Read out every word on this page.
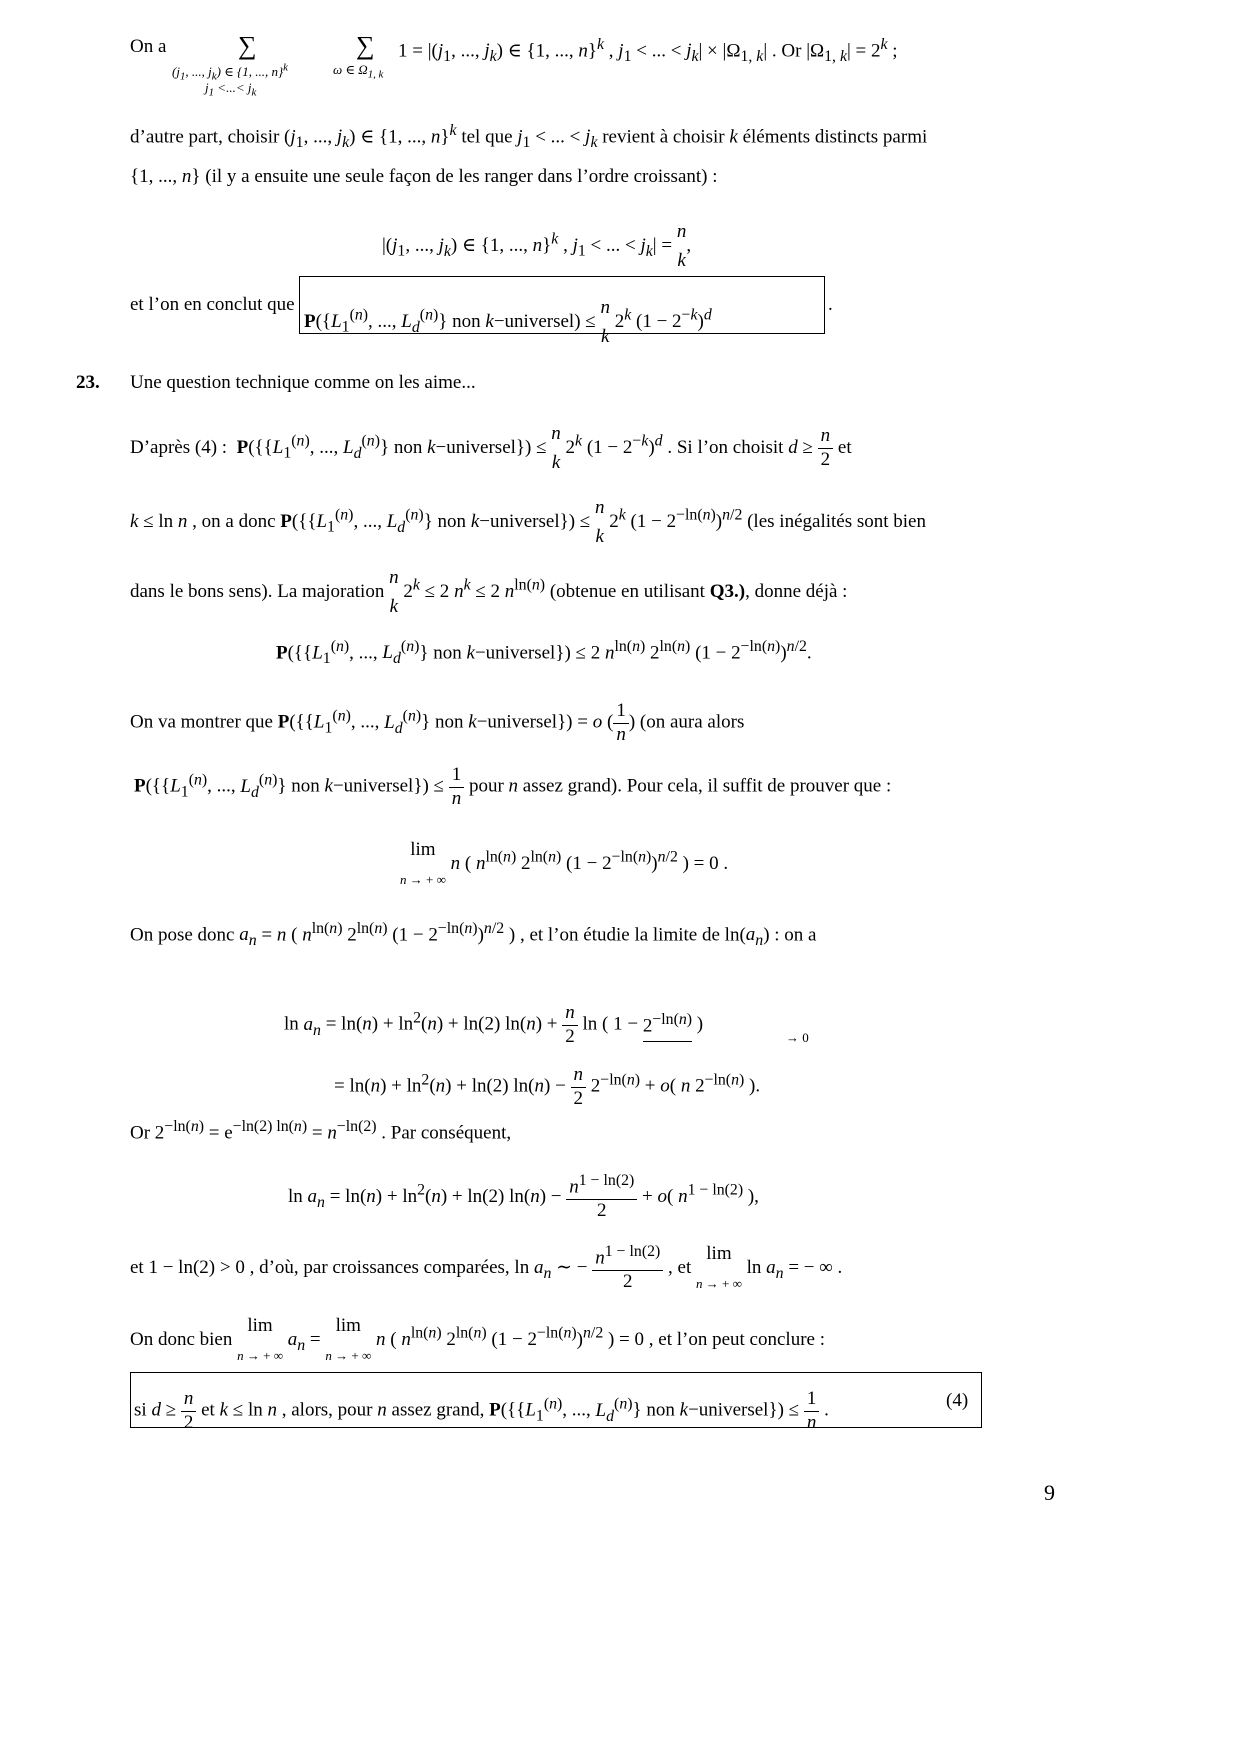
On a	∑
($j_1$, ..., $j_k$) ∈ {1, ..., n}$^k$
$j_1$ <...< $j_k$
∑
ω ∈ $\Omega_{1, k}$
$1 = |(j_1$, ..., $j_k$) ∈ {1, ..., n}$^k$ , $j_1$ < ... < $j_k| \times |\Omega_{1, k}|$ . Or $|\Omega_{1, k}| = 2^k$ ;
d’autre part, choisir ($j_1$, ..., $j_k$) ∈ {1, ..., n}$^k$ tel que $j_1$ < ... < $j_k$ revient à choisir k éléments distincts parmi
{1, ..., n} (il y a ensuite une seule façon de les ranger dans l’ordre croissant) :
$|(j_1$, ..., $j_k$) ∈ {1, ..., n}$^k$ , $j_1$ < ... < $j_k| = n$
k,
et l’on en conclut que
$P(\{L_1^{(n)}$, ..., $L_d^{(n)}$} non k−universel) ≤ n
k 2$^k$ $(1 - 2^{-k})^d$
.
23. Une question technique comme on les aime...
D’après (4) :  $P(\{\{L_1^{(n)}$, ..., $L_d^{(n)}$} non k−universel}) ≤ n
k 2$^k$ $(1 - 2^{-k})^d$ . Si l’on choisit $d \ge \frac{n}{2}$ et
k ≤ ln n , on a donc $P(\{\{L_1^{(n)}$, ..., $L_d^{(n)}$} non k−universel}) ≤ n
k 2$^k$ $(1 - 2^{-ln(n)})^{n/2}$ (les inégalités sont bien
dans le bons sens). La majoration n
k $2^k \le 2$ $n^k \le 2$ $n^{ln(n)}$ (obtenue en utilisant Q3.), donne déjà :
$P(\{\{L_1^{(n)}$, ..., $L_d^{(n)}$} non k−universel}) ≤ 2 $n^{ln(n)}$ $2^{ln(n)}$ $(1 - 2^{-ln(n)})^{n/2}$.
On va montrer que $P(\{\{L_1^{(n)}$, ..., $L_d^{(n)}$} non k−universel}) = o ( $\frac{1}{n}$ ) (on aura alors
$P(\{\{L_1^{(n)}$, ..., $L_d^{(n)}$} non k−universel}) ≤ $\frac{1}{n}$ pour n assez grand). Pour cela, il suffit de prouver que :
lim
n → + ∞ n ( $n^{ln(n)}$ $2^{ln(n)}$ $(1 - 2^{-ln(n)})^{n/2}$ ) = 0 .
On pose donc $a_n = n$ ( $n^{ln(n)}$ $2^{ln(n)}$ $(1 - 2^{-ln(n)})^{n/2}$ ) , et l’on étudie la limite de $\ln(a_n)$ : on a
$\ln a_n = \ln(n) + \ln^2(n) + \ln(2) \ln(n) + \frac{n}{2}$ ln ( $1 - 2^{-ln(n)}$ )
→ 0
= $\ln(n) + \ln^2(n) + \ln(2) \ln(n) - \frac{n}{2} 2^{-ln(n)} + o$( n $2^{-ln(n)}$ ).
Or $2^{-ln(n)} = e^{-ln(2) ln(n)} = n^{-ln(2)}$ . Par conséquent,
$\ln a_n = \ln(n) + \ln^2(n) + \ln(2) \ln(n) - \frac{n^{1 - ln(2)}}{2} + o$( $n^{1 - ln(2)}$ ),
et 1 − ln(2) > 0 , d’où, par croissances comparées, $\ln a_n$ ∼ − $\frac{n^{1 - ln(2)}}{2}$ , et lim
n → + ∞ $\ln a_n$ = − ∞ .
On donc bien lim
n → + ∞ $a_n = \lim$
n → + ∞ n ( $n^{ln(n)}$ $2^{ln(n)}$ $(1 - 2^{-ln(n)})^{n/2}$ ) = 0 , et l’on peut conclure :
si $d \ge \frac{n}{2}$ et k ≤ ln n , alors, pour n assez grand, $P(\{\{L_1^{(n)}$, ..., $L_d^{(n)}$} non k−universel}) ≤ $\frac{1}{n}$ .	(4)
9
